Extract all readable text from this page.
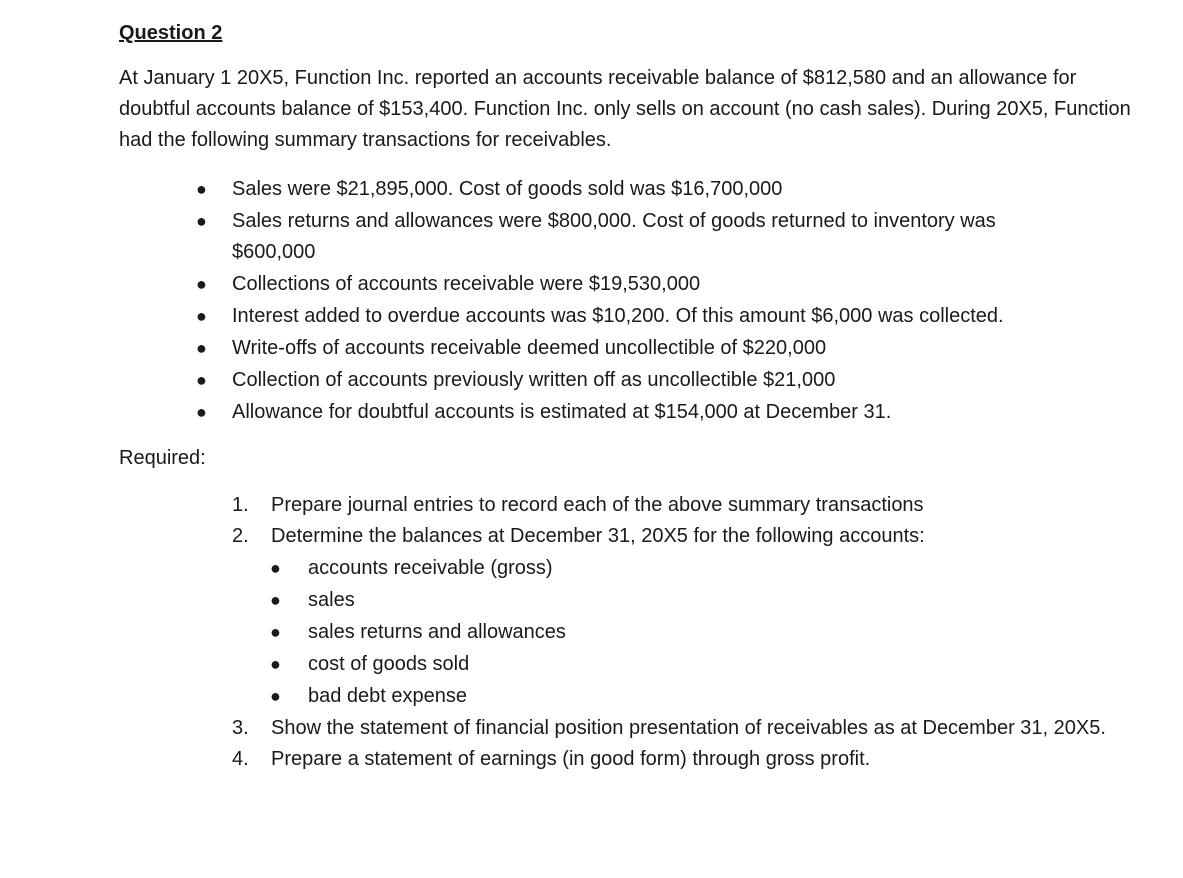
Question 2
At January 1 20X5, Function Inc. reported an accounts receivable balance of $812,580 and an allowance for doubtful accounts balance of $153,400. Function Inc. only sells on account (no cash sales). During 20X5, Function had the following summary transactions for receivables.
● Sales were $21,895,000. Cost of goods sold was $16,700,000
● Sales returns and allowances were $800,000. Cost of goods returned to inventory was $600,000
● Collections of accounts receivable were $19,530,000
● Interest added to overdue accounts was $10,200. Of this amount $6,000 was collected.
● Write-offs of accounts receivable deemed uncollectible of $220,000
● Collection of accounts previously written off as uncollectible $21,000
● Allowance for doubtful accounts is estimated at $154,000 at December 31.
Required:
1. Prepare journal entries to record each of the above summary transactions
2. Determine the balances at December 31, 20X5 for the following accounts:
● accounts receivable (gross)
● sales
● sales returns and allowances
● cost of goods sold
● bad debt expense
3. Show the statement of financial position presentation of receivables as at December 31, 20X5.
4. Prepare a statement of earnings (in good form) through gross profit.
